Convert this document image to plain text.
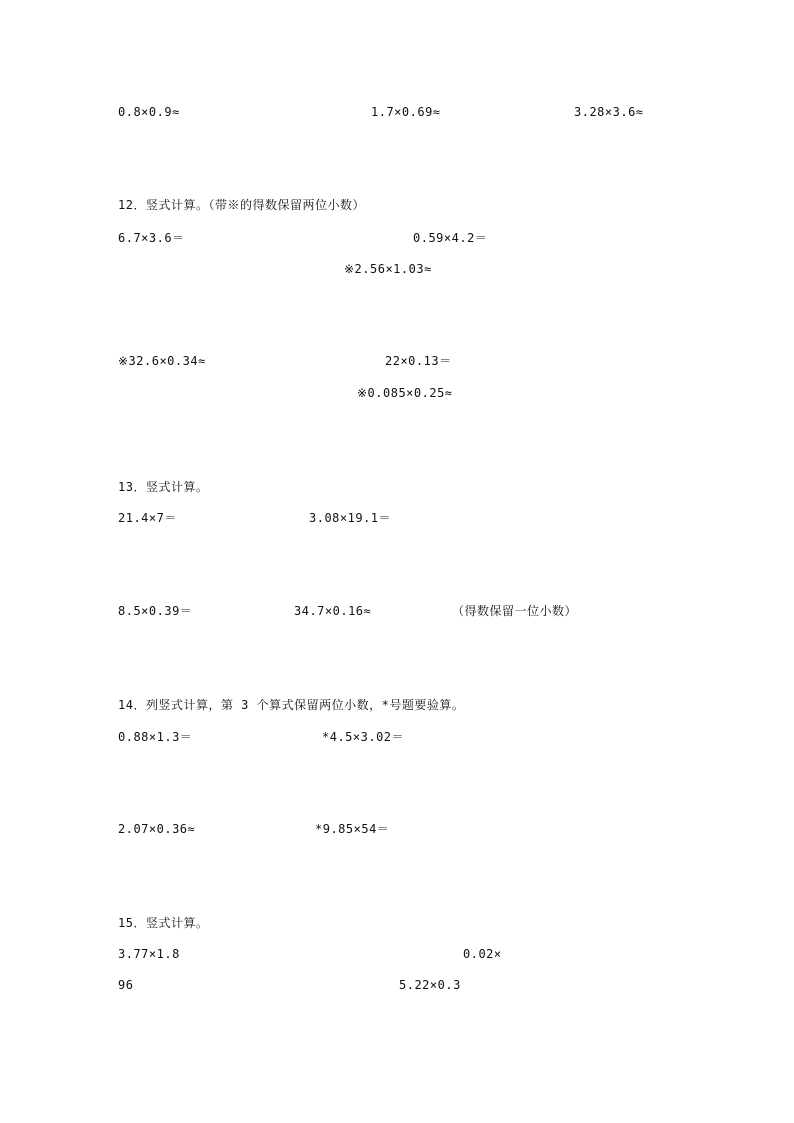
0.8×0.9≈	1.7×0.69≈	3.28×3.6≈
12．竖式计算。（带※的得数保留两位小数）
6.7×3.6＝	0.59×4.2＝
※2.56×1.03≈
※32.6×0.34≈	22×0.13＝
※0.085×0.25≈
13．竖式计算。
21.4×7＝	3.08×19.1＝
8.5×0.39＝	34.7×0.16≈	（得数保留一位小数）
14．列竖式计算，第 3 个算式保留两位小数，*号题要验算。
0.88×1.3＝	*4.5×3.02＝
2.07×0.36≈	*9.85×54＝
15．竖式计算。
3.77×1.8	0.02×
96	5.22×0.3
